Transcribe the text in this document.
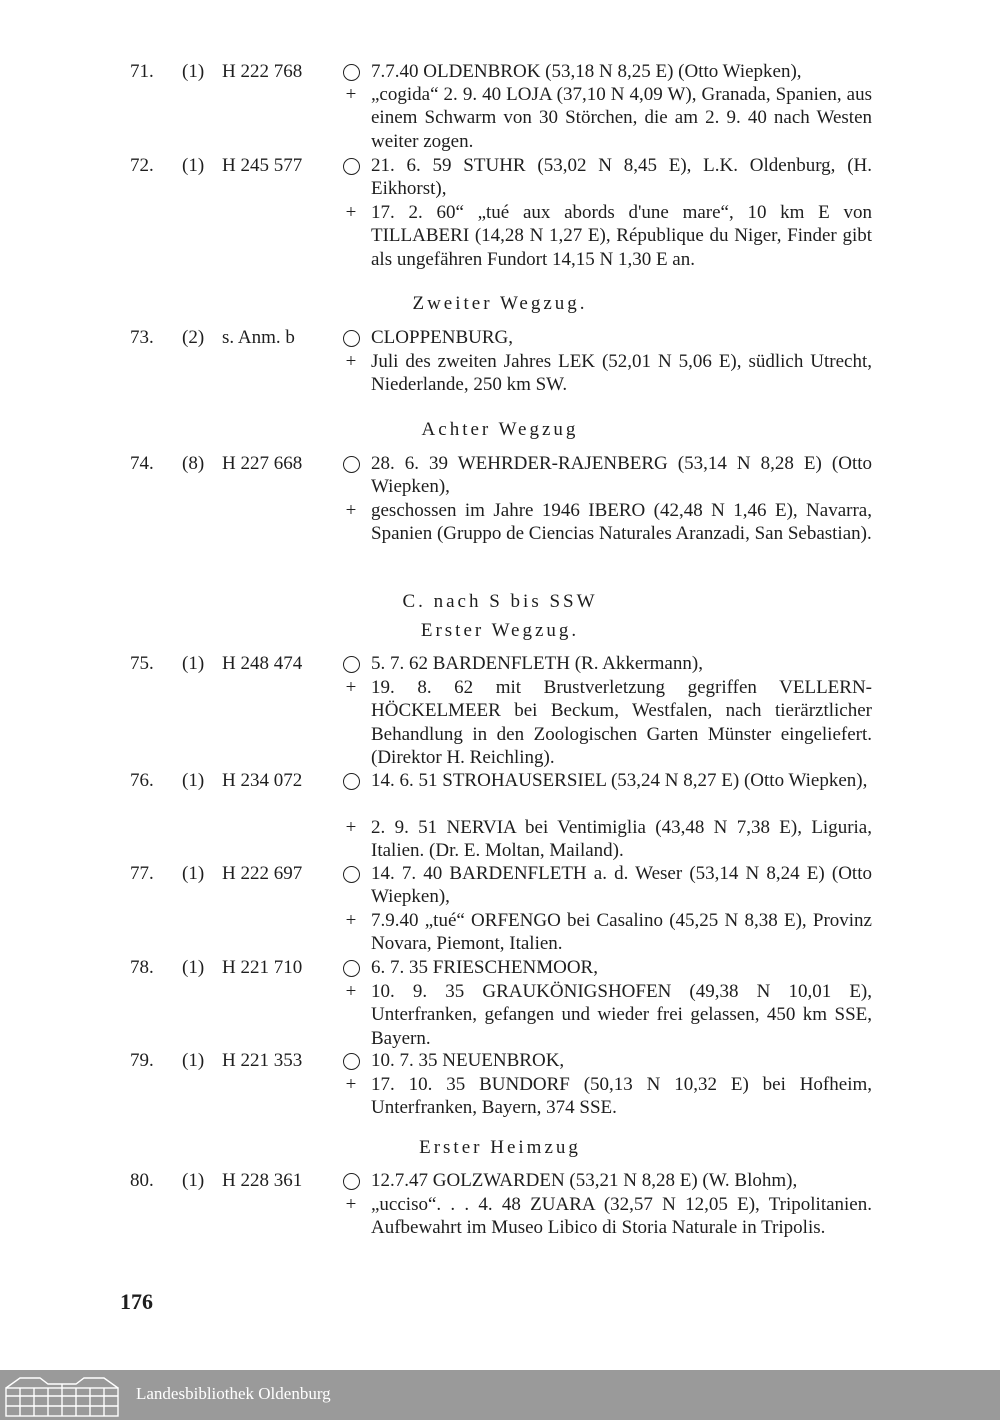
71.	(1) H 222 768	7.7.40 OLDENBROK (53,18 N 8,25 E) (Otto Wiepken),
+ „cogida“ 2. 9. 40 LOJA (37,10 N 4,09 W), Granada, Spanien, aus einem Schwarm von 30 Störchen, die am 2. 9. 40 nach Westen weiter zogen.
72.	(1) H 245 577	21. 6. 59 STUHR (53,02 N 8,45 E), L.K. Oldenburg, (H. Eikhorst),
+ 17. 2. 60“ „tué aux abords d'une mare“, 10 km E von TILLABERI (14,28 N 1,27 E), République du Niger, Finder gibt als ungefähren Fundort 14,15 N 1,30 E an.
Zweiter Wegzug.
73.	(2) s. Anm. b	CLOPPENBURG,
+ Juli des zweiten Jahres LEK (52,01 N 5,06 E), südlich Utrecht, Niederlande, 250 km SW.
Achter Wegzug
74.	(8) H 227 668	28. 6. 39 WEHRDER-RAJENBERG (53,14 N 8,28 E) (Otto Wiepken),
+ geschossen im Jahre 1946 IBERO (42,48 N 1,46 E), Navarra, Spanien (Gruppo de Ciencias Naturales Aranzadi, San Sebastian).
C. nach S bis SSW
Erster Wegzug.
75.	(1) H 248 474	5. 7. 62 BARDENFLETH (R. Akkermann),
+ 19. 8. 62 mit Brustverletzung gegriffen VELLERN-HÖCKELMEER bei Beckum, Westfalen, nach tierärztlicher Behandlung in den Zoologischen Garten Münster eingeliefert. (Direktor H. Reichling).
76.	(1) H 234 072	14. 6. 51 STROHAUSERSIEL (53,24 N 8,27 E) (Otto Wiepken),
+ 2. 9. 51 NERVIA bei Ventimiglia (43,48 N 7,38 E), Liguria, Italien. (Dr. E. Moltan, Mailand).
77.	(1) H 222 697	14. 7. 40 BARDENFLETH a. d. Weser (53,14 N 8,24 E) (Otto Wiepken),
+ 7.9.40 „tué“ ORFENGO bei Casalino (45,25 N 8,38 E), Provinz Novara, Piemont, Italien.
78.	(1) H 221 710	6. 7. 35 FRIESCHENMOOR,
+ 10. 9. 35 GRAUKÖNIGSHOFEN (49,38 N 10,01 E), Unterfranken, gefangen und wieder frei gelassen, 450 km SSE, Bayern.
79.	(1) H 221 353	10. 7. 35 NEUENBROK,
+ 17. 10. 35 BUNDORF (50,13 N 10,32 E) bei Hofheim, Unterfranken, Bayern, 374 SSE.
Erster Heimzug
80.	(1) H 228 361	12.7.47 GOLZWARDEN (53,21 N 8,28 E) (W. Blohm),
+ „ucciso“. . . 4. 48 ZUARA (32,57 N 12,05 E), Tripolitanien. Aufbewahrt im Museo Libico di Storia Naturale in Tripolis.
176
Landesbibliothek Oldenburg
